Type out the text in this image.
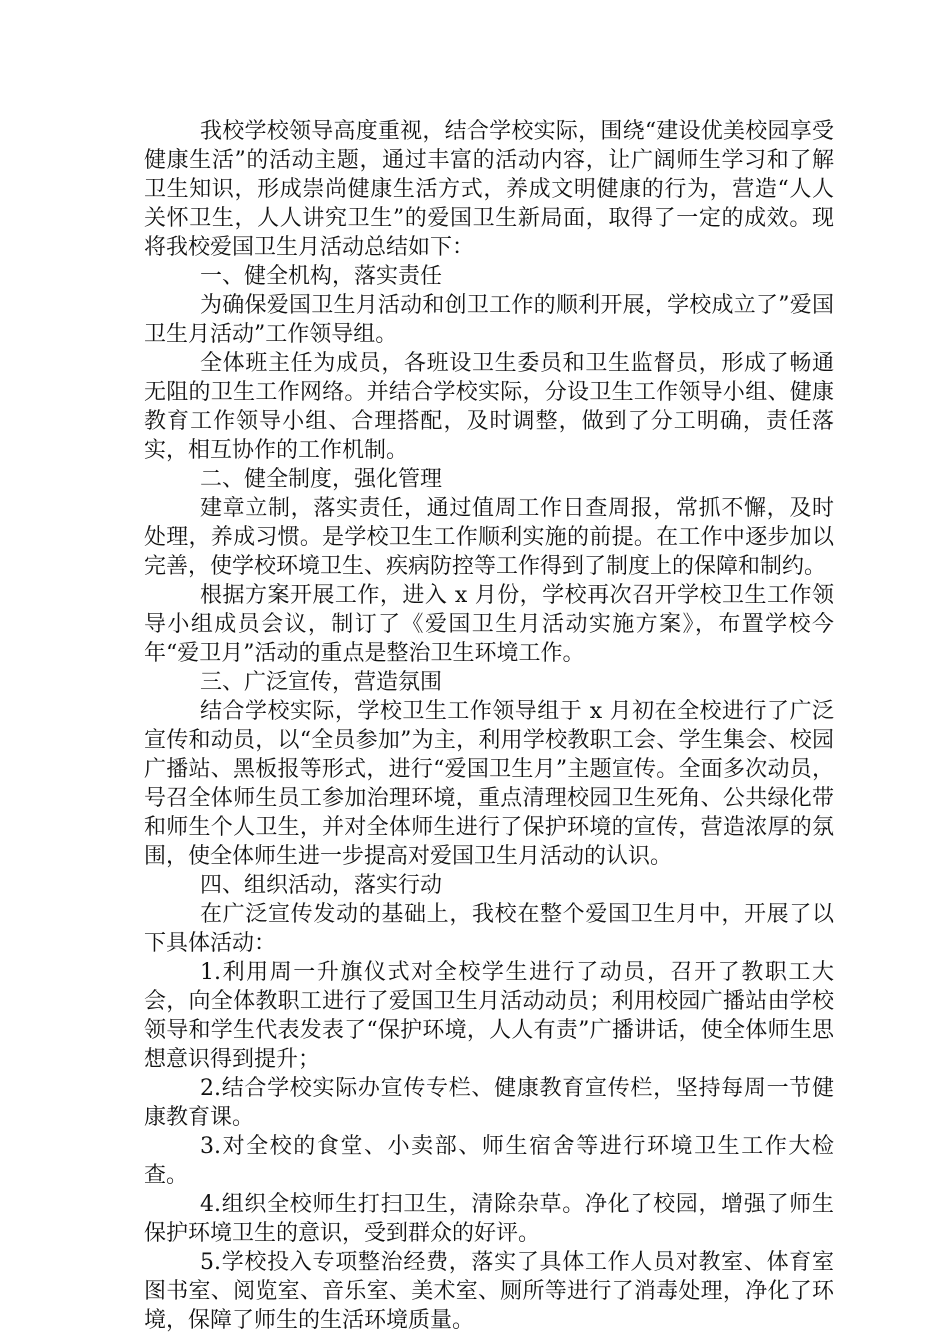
我校学校领导高度重视，结合学校实际，围绕“建设优美校园享受健康生活”的活动主题，通过丰富的活动内容，让广阔师生学习和了解卫生知识，形成崇尚健康生活方式，养成文明健康的行为，营造“人人关怀卫生，人人讲究卫生”的爱国卫生新局面，取得了一定的成效。现将我校爱国卫生月活动总结如下：

一、健全机构，落实责任

为确保爱国卫生月活动和创卫工作的顺利开展，学校成立了”爱国卫生月活动”工作领导组。

全体班主任为成员，各班设卫生委员和卫生监督员，形成了畅通无阻的卫生工作网络。并结合学校实际，分设卫生工作领导小组、健康教育工作领导小组、合理搭配，及时调整，做到了分工明确，责任落实，相互协作的工作机制。

二、健全制度，强化管理

建章立制，落实责任，通过值周工作日查周报，常抓不懈，及时处理，养成习惯。是学校卫生工作顺利实施的前提。在工作中逐步加以完善，使学校环境卫生、疾病防控等工作得到了制度上的保障和制约。

根据方案开展工作，进入 x 月份，学校再次召开学校卫生工作领导小组成员会议，制订了《爱国卫生月活动实施方案》，布置学校今年“爱卫月”活动的重点是整治卫生环境工作。

三、广泛宣传，营造氛围

结合学校实际，学校卫生工作领导组于 x 月初在全校进行了广泛宣传和动员，以“全员参加”为主，利用学校教职工会、学生集会、校园广播站、黑板报等形式，进行“爱国卫生月”主题宣传。全面多次动员，号召全体师生员工参加治理环境，重点清理校园卫生死角、公共绿化带和师生个人卫生，并对全体师生进行了保护环境的宣传，营造浓厚的氛围，使全体师生进一步提高对爱国卫生月活动的认识。

四、组织活动，落实行动

在广泛宣传发动的基础上，我校在整个爱国卫生月中，开展了以下具体活动：

1.利用周一升旗仪式对全校学生进行了动员，召开了教职工大会，向全体教职工进行了爱国卫生月活动动员；利用校园广播站由学校领导和学生代表发表了“保护环境，人人有责”广播讲话，使全体师生思想意识得到提升；

2.结合学校实际办宣传专栏、健康教育宣传栏，坚持每周一节健康教育课。

3.对全校的食堂、小卖部、师生宿舍等进行环境卫生工作大检查。

4.组织全校师生打扫卫生，清除杂草。净化了校园，增强了师生保护环境卫生的意识，受到群众的好评。

5.学校投入专项整治经费，落实了具体工作人员对教室、体育室图书室、阅览室、音乐室、美术室、厕所等进行了消毒处理，净化了环境，保障了师生的生活环境质量。
